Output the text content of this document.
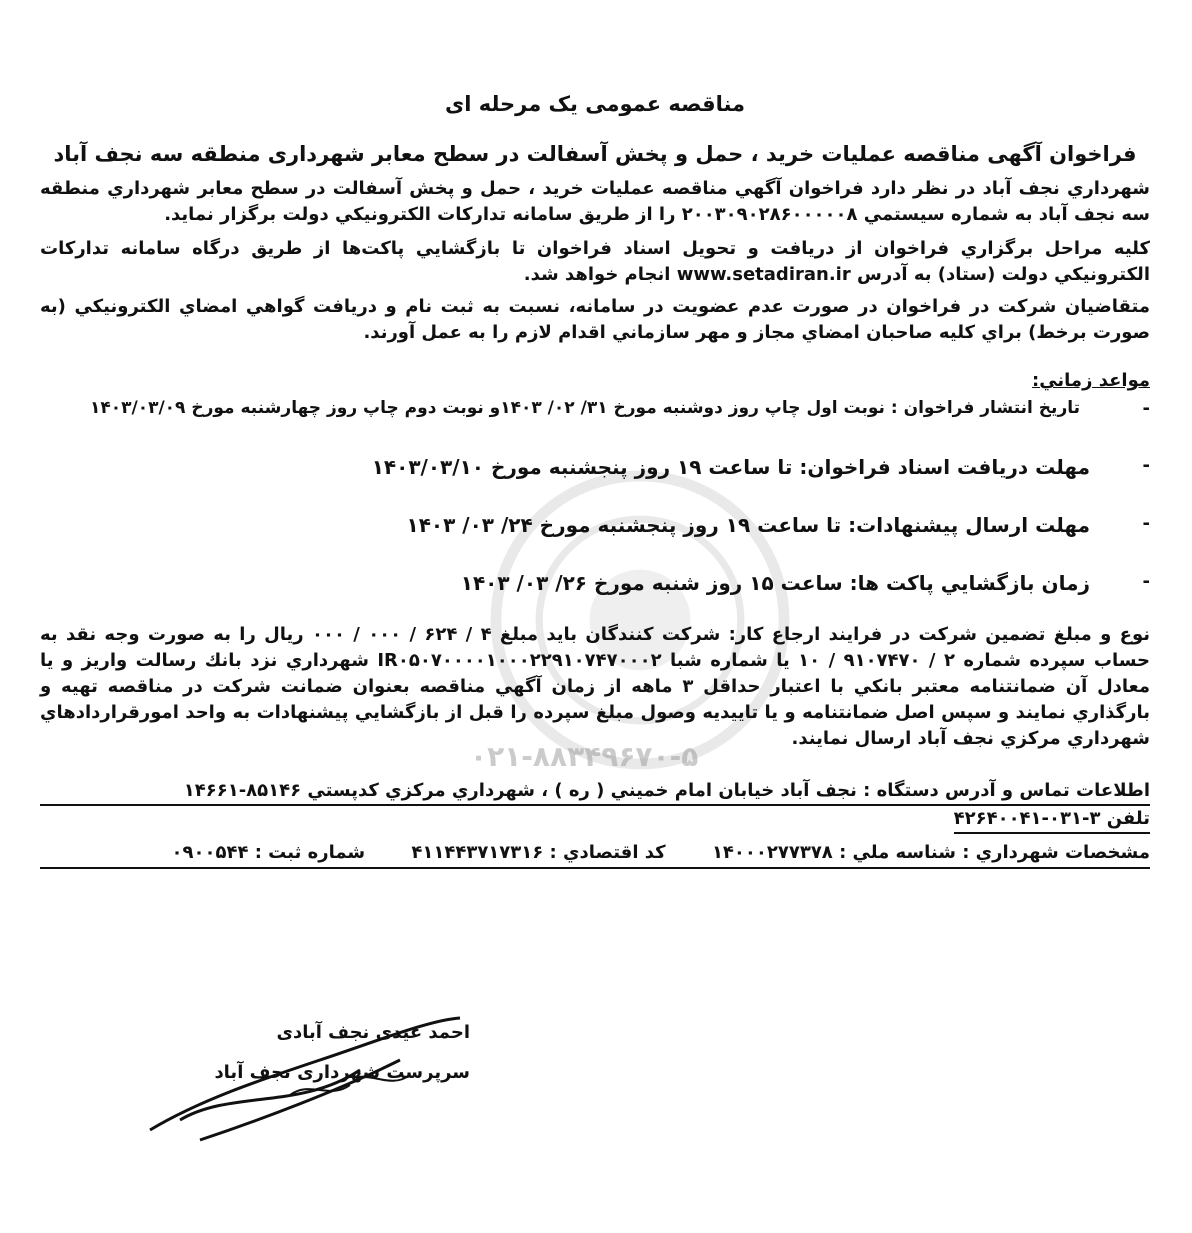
۰۲۱-۸۸۳۴۹۶۷۰-۵
مناقصه عمومی یک مرحله ای
فراخوان آگهی مناقصه عملیات خرید ، حمل و پخش آسفالت در سطح معابر شهرداری منطقه سه نجف آباد
شهرداري نجف آباد در نظر دارد فراخوان آگهي مناقصه عمليات خريد ، حمل و پخش آسفالت در سطح معابر شهرداري منطقه سه نجف آباد به شماره سيستمي ۲۰۰۳۰۹۰۲۸۶۰۰۰۰۰۸ را از طريق سامانه تداركات الكترونيكي دولت برگزار نمايد.
كليه مراحل برگزاري فراخوان از دريافت و تحويل اسناد فراخوان تا بازگشايي پاكت‌ها از طريق درگاه سامانه تداركات الكترونيكي دولت (ستاد) به آدرس www.setadiran.ir انجام خواهد شد.
متقاضيان شركت در فراخوان در صورت عدم عضويت در سامانه، نسبت به ثبت نام و دريافت گواهي امضاي الكترونيكي (به صورت برخط) براي كليه صاحبان امضاي مجاز و مهر سازماني اقدام لازم را به عمل آورند.
مواعد زماني:
-
تاريخ انتشار فراخوان : نوبت اول چاپ روز دوشنبه مورخ ۳۱/ ۰۲/ ۱۴۰۳و نوبت دوم چاپ روز چهارشنبه مورخ ۱۴۰۳/۰۳/۰۹
-
مهلت دريافت اسناد فراخوان: تا ساعت ۱۹ روز پنجشنبه مورخ ۱۴۰۳/۰۳/۱۰
-
مهلت ارسال پيشنهادات: تا ساعت ۱۹ روز پنجشنبه مورخ ۲۴/ ۰۳/ ۱۴۰۳
-
زمان بازگشايي پاكت ها: ساعت ۱۵ روز شنبه مورخ ۲۶/ ۰۳/ ۱۴۰۳
نوع و مبلغ تضمين شركت در فرايند ارجاع كار: شركت كنندگان بايد مبلغ ۴ / ۶۲۴ / ۰۰۰ / ۰۰۰ ريال را به صورت وجه نقد به حساب سپرده شماره ۲ / ۹۱۰۷۴۷۰ / ۱۰ يا شماره شبا IR۰۵۰۷۰۰۰۰۱۰۰۰۲۲۹۱۰۷۴۷۰۰۰۲ شهرداري نزد بانك رسالت واريز و يا معادل آن ضمانتنامه معتبر بانكي با اعتبار حداقل ۳ ماهه از زمان آگهي مناقصه بعنوان ضمانت شركت در مناقصه تهيه و بارگذاري نمايند و سپس اصل ضمانتنامه و يا تاييديه وصول مبلغ سپرده را قبل از بازگشايي پيشنهادات به واحد امورقراردادهاي شهرداري مركزي نجف آباد ارسال نمايند.
اطلاعات تماس و آدرس دستگاه : نجف آباد خيابان امام خميني ( ره ) ، شهرداري مركزي كدپستي ۸۵۱۴۶-۱۴۶۶۱
تلفن ۳-۰۳۱-۴۲۶۴۰۰۴۱
مشخصات شهرداري : شناسه ملي : ۱۴۰۰۰۲۷۷۳۷۸ كد اقتصادي : ۴۱۱۴۴۳۷۱۷۳۱۶ شماره ثبت : ۰۹۰۰۵۴۴
احمد عیدی نجف آبادی
سرپرست شهرداری نجف آباد
